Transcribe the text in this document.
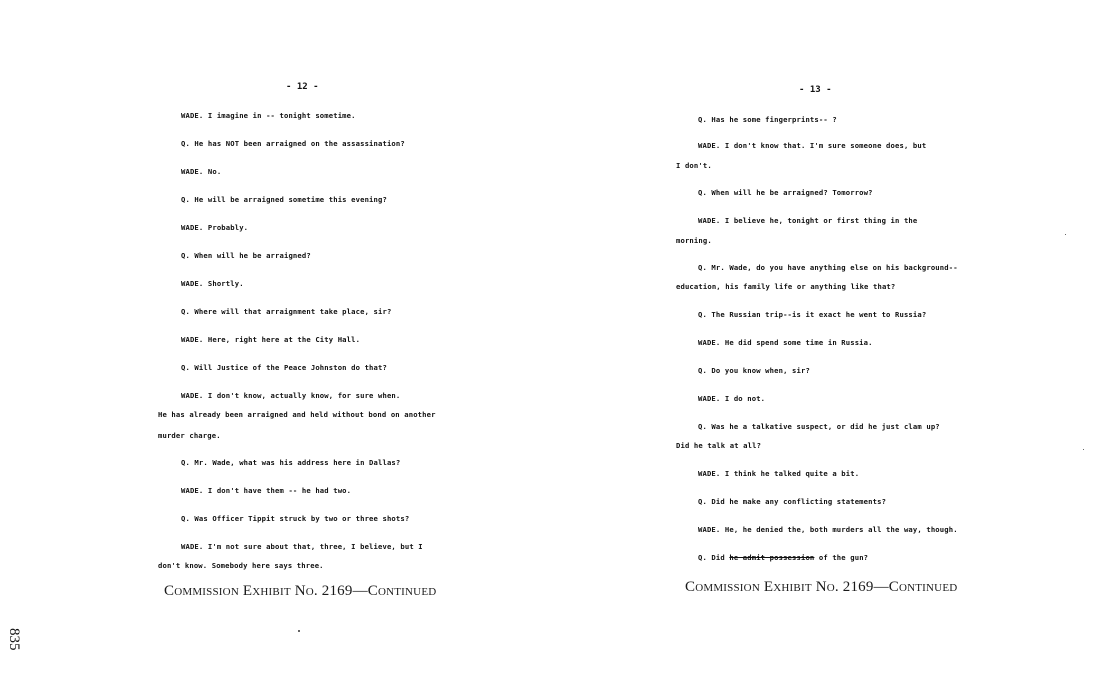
- 12 -
WADE. I imagine in -- tonight sometime.
Q. He has NOT been arraigned on the assassination?
WADE. No.
Q. He will be arraigned sometime this evening?
WADE. Probably.
Q. When will he be arraigned?
WADE. Shortly.
Q. Where will that arraignment take place, sir?
WADE. Here, right here at the City Hall.
Q. Will Justice of the Peace Johnston do that?
WADE. I don't know, actually know, for sure when.
He has already been arraigned and held without bond on another
murder charge.
Q. Mr. Wade, what was his address here in Dallas?
WADE. I don't have them -- he had two.
Q. Was Officer Tippit struck by two or three shots?
WADE. I'm not sure about that, three, I believe, but I
don't know. Somebody here says three.
Commission Exhibit No. 2169—Continued
835
- 13 -
Q. Has he some fingerprints-- ?
WADE. I don't know that. I'm sure someone does, but
I don't.
Q. When will he be arraigned? Tomorrow?
WADE. I believe he, tonight or first thing in the
morning.
Q. Mr. Wade, do you have anything else on his background--
education, his family life or anything like that?
Q. The Russian trip--is it exact he went to Russia?
WADE. He did spend some time in Russia.
Q. Do you know when, sir?
WADE. I do not.
Q. Was he a talkative suspect, or did he just clam up?
Did he talk at all?
WADE. I think he talked quite a bit.
Q. Did he make any conflicting statements?
WADE. He, he denied the, both murders all the way, though.
Q. Did he admit possession of the gun?
Commission Exhibit No. 2169—Continued
